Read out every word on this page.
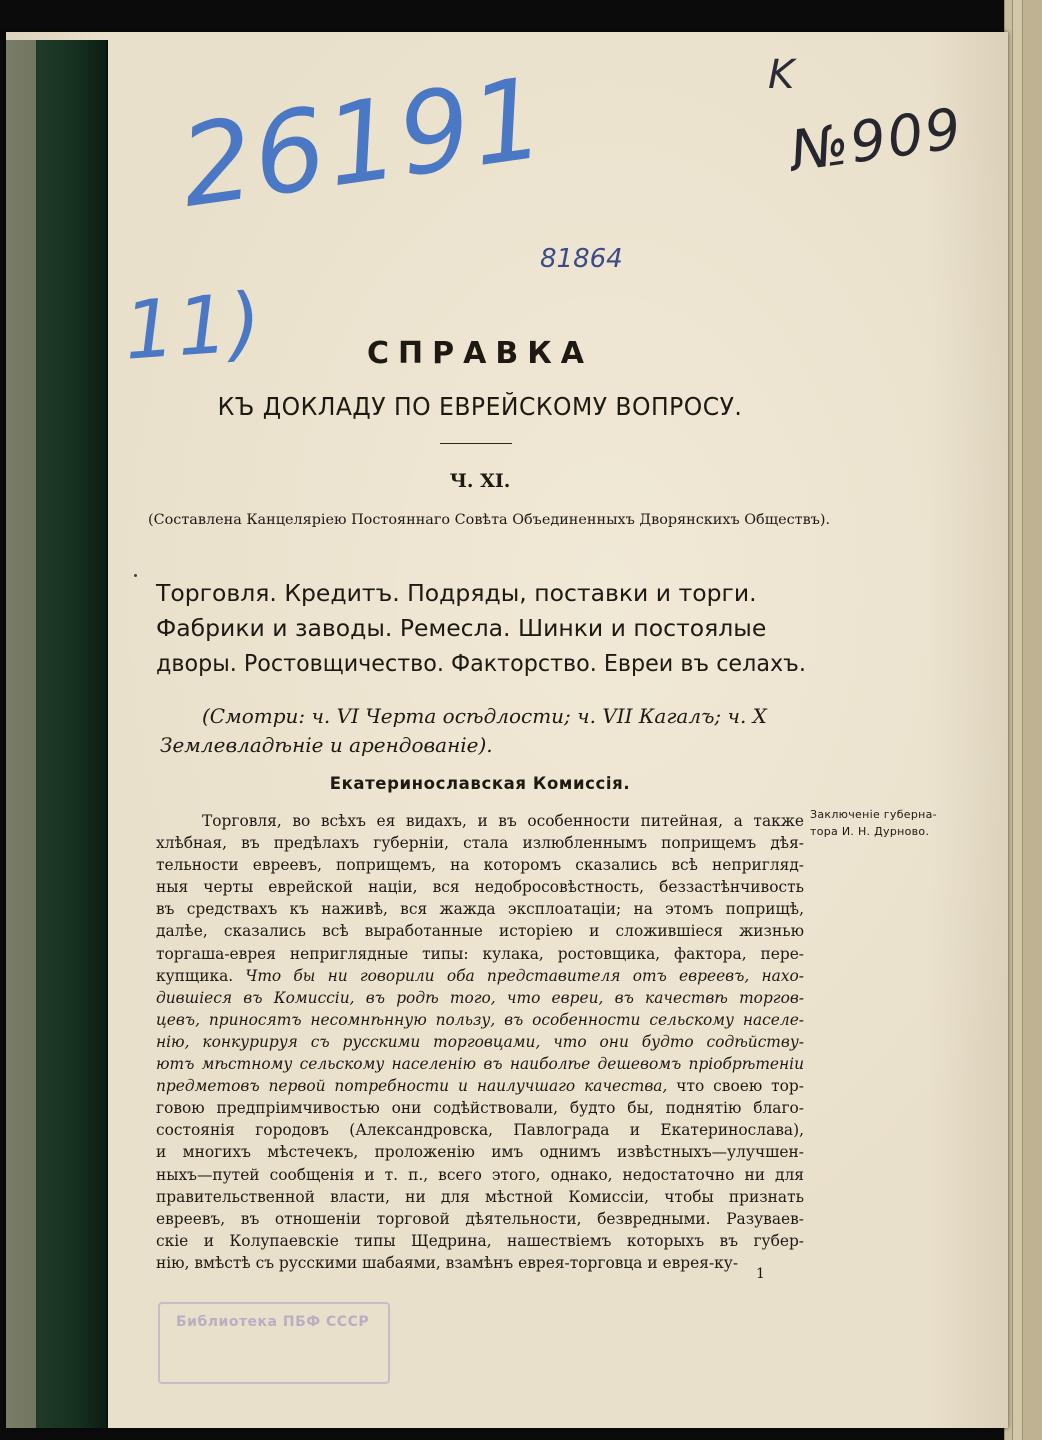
26191
11)
K
№909
81864
СПРАВКА
КЪ ДОКЛАДУ ПО ЕВРЕЙСКОМУ ВОПРОСУ.
Ч. XI.
(Составлена Канцеляріею Постояннаго Совѣта Объединенныхъ Дворянскихъ Обществъ).
Торговля. Кредитъ. Подряды, поставки и торги.
Фабрики и заводы. Ремесла. Шинки и постоялые
дворы. Ростовщичество. Факторство. Евреи въ селахъ.
(Смотри: ч. VI Черта осѣдлости; ч. VII Кагалъ; ч. X
Землевладѣніе и арендованіе).
Екатеринославская Комиссія.
Заключеніе губерна-
тора И. Н. Дурново.
Торговля, во всѣхъ ея видахъ, и въ особенности питейная, а также
хлѣбная, въ предѣлахъ губерніи, стала излюбленнымъ поприщемъ дѣя-
тельности евреевъ, поприщемъ, на которомъ сказались всѣ непригляд-
ныя черты еврейской націи, вся недобросовѣстность, беззастѣнчивость
въ средствахъ къ наживѣ, вся жажда эксплоатаціи; на этомъ поприщѣ,
далѣе, сказались всѣ выработанные исторіею и сложившіеся жизнью
торгаша-еврея неприглядные типы: кулака, ростовщика, фактора, пере-
купщика. Что бы ни говорили оба представителя отъ евреевъ, нахо-
дившіеся въ Комиссіи, въ родѣ того, что евреи, въ качествѣ торгов-
цевъ, приносятъ несомнѣнную пользу, въ особенности сельскому населе-
нію, конкурируя съ русскими торговцами, что они будто содѣйству-
ютъ мѣстному сельскому населенію въ наиболѣе дешевомъ пріобрѣтеніи
предметовъ первой потребности и наилучшаго качества, что своею тор-
говою предпріимчивостью они содѣйствовали, будто бы, поднятію благо-
состоянія городовъ (Александровска, Павлограда и Екатеринослава),
и многихъ мѣстечекъ, проложенію имъ однимъ извѣстныхъ—улучшен-
ныхъ—путей сообщенія и т. п., всего этого, однако, недостаточно ни для
правительственной власти, ни для мѣстной Комиссіи, чтобы признать
евреевъ, въ отношеніи торговой дѣятельности, безвредными. Разуваев-
скіе и Колупаевскіе типы Щедрина, нашествіемъ которыхъ въ губер-
нію, вмѣстѣ съ русскими шабаями, взамѣнъ еврея-торговца и еврея-ку-
1
Библиотека ПБФ СССР
